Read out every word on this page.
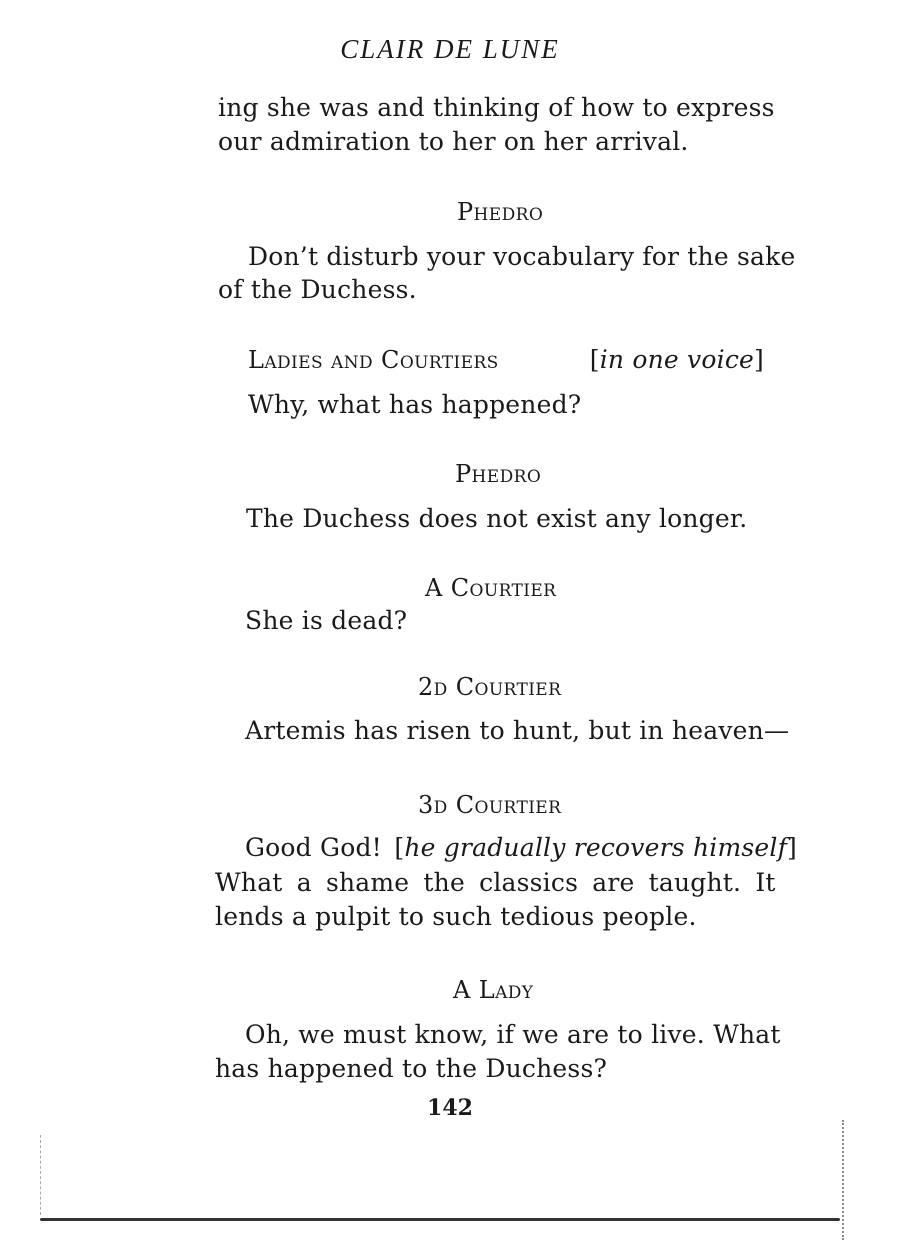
CLAIR DE LUNE
ing she was and thinking of how to express
our admiration to her on her arrival.
Phedro
Don’t disturb your vocabulary for the sake
of the Duchess.
Ladies and Courtiers	[in one voice]
Why, what has happened?
Phedro
The Duchess does not exist any longer.
A Courtier
She is dead?
2d Courtier
Artemis has risen to hunt, but in heaven—
3d Courtier
Good God! [he gradually recovers himself]
What a shame the classics are taught. It
lends a pulpit to such tedious people.
A Lady
Oh, we must know, if we are to live. What
has happened to the Duchess?
142
